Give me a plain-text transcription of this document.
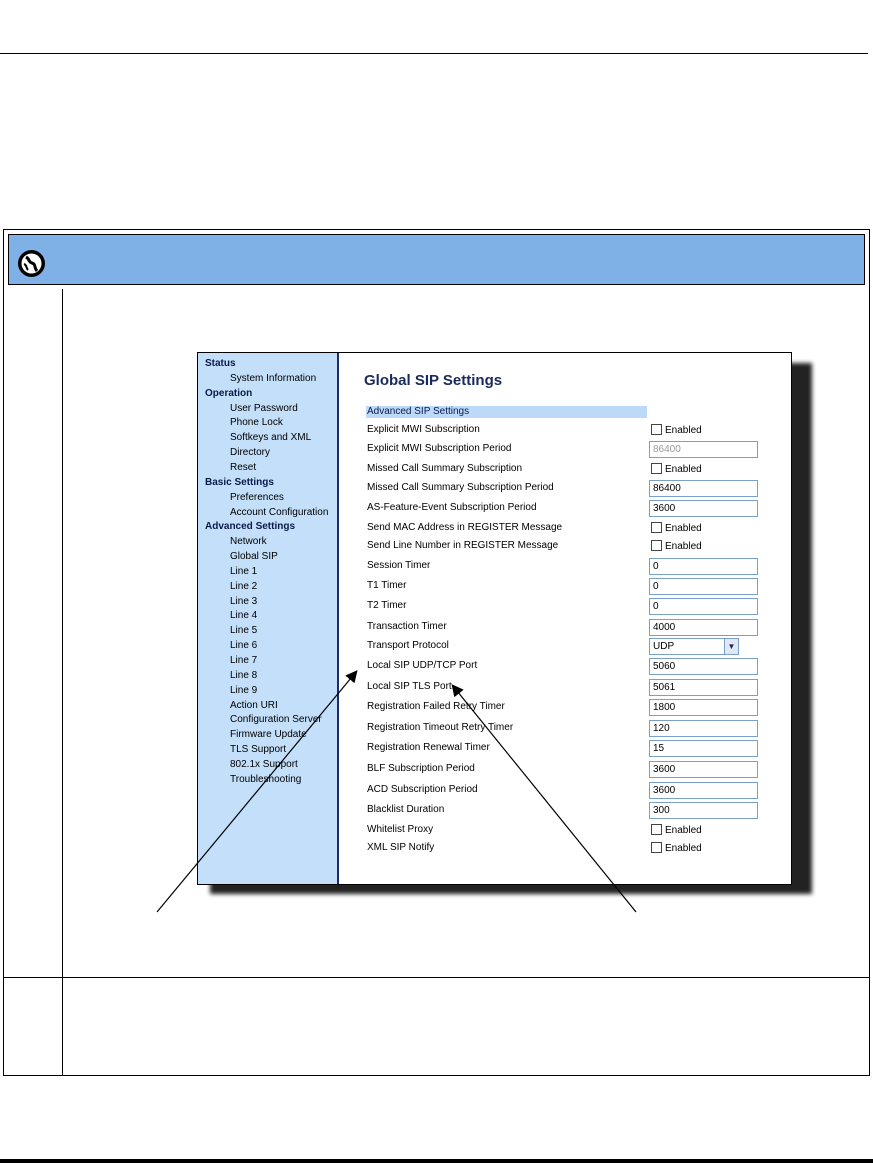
Status
System Information
Operation
User Password
Phone Lock
Softkeys and XML
Directory
Reset
Basic Settings
Preferences
Account Configuration
Advanced Settings
Network
Global SIP
Line 1
Line 2
Line 3
Line 4
Line 5
Line 6
Line 7
Line 8
Line 9
Action URI
Configuration Server
Firmware Update
TLS Support
802.1x Support
Troubleshooting
Global SIP Settings
Advanced SIP Settings
Explicit MWI Subscription	Enabled
Explicit MWI Subscription Period	86400
Missed Call Summary Subscription	Enabled
Missed Call Summary Subscription Period	86400
AS-Feature-Event Subscription Period	3600
Send MAC Address in REGISTER Message	Enabled
Send Line Number in REGISTER Message	Enabled
Session Timer	0
T1 Timer	0
T2 Timer	0
Transaction Timer	4000
Transport Protocol	UDP	▼
Local SIP UDP/TCP Port	5060
Local SIP TLS Port	5061
Registration Failed Retry Timer	1800
Registration Timeout Retry Timer	120
Registration Renewal Timer	15
BLF Subscription Period	3600
ACD Subscription Period	3600
Blacklist Duration	300
Whitelist Proxy	Enabled
XML SIP Notify	Enabled
